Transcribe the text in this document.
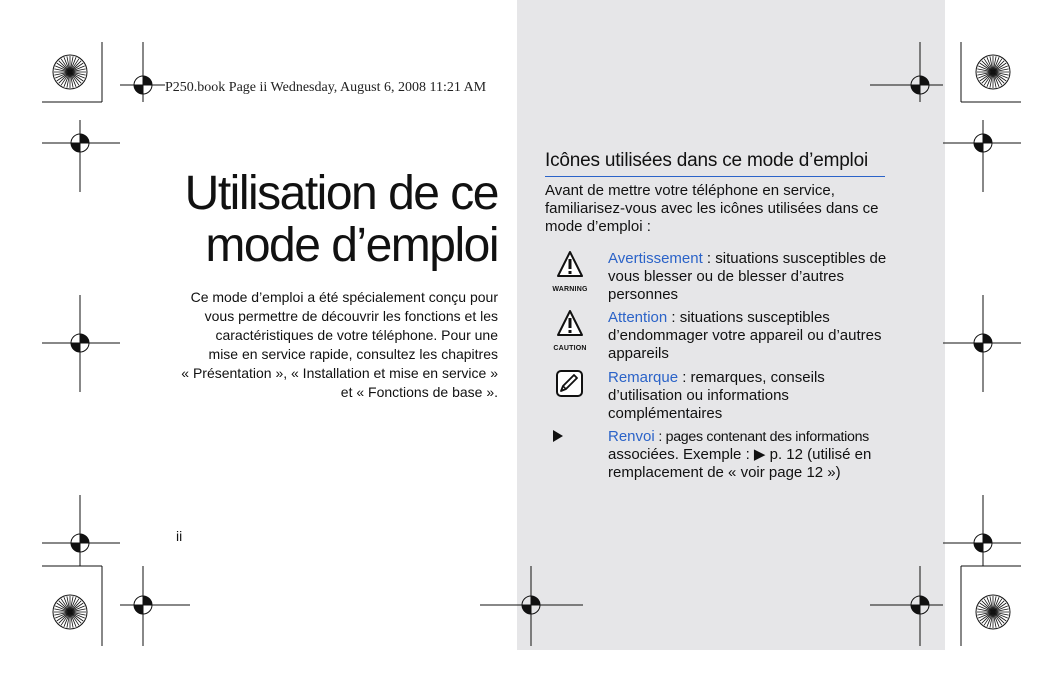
P250.book Page ii Wednesday, August 6, 2008 11:21 AM
Utilisation de ce
mode d’emploi
Ce mode d’emploi a été spécialement conçu pour
vous permettre de découvrir les fonctions et les
caractéristiques de votre téléphone. Pour une
mise en service rapide, consultez les chapitres
« Présentation », « Installation et mise en service »
et « Fonctions de base ».
ii
Icônes utilisées dans ce mode d’emploi
Avant de mettre votre téléphone en service, familiarisez-vous avec les icônes utilisées dans ce mode d’emploi :
WARNING
Avertissement : situations susceptibles de vous blesser ou de blesser d’autres personnes
CAUTION
Attention : situations susceptibles d’endommager votre appareil ou d’autres appareils
Remarque : remarques, conseils d’utilisation ou informations complémentaires
Renvoi : pages contenant des informations
associées. Exemple : ▶ p. 12 (utilisé en remplacement de « voir page 12 »)
